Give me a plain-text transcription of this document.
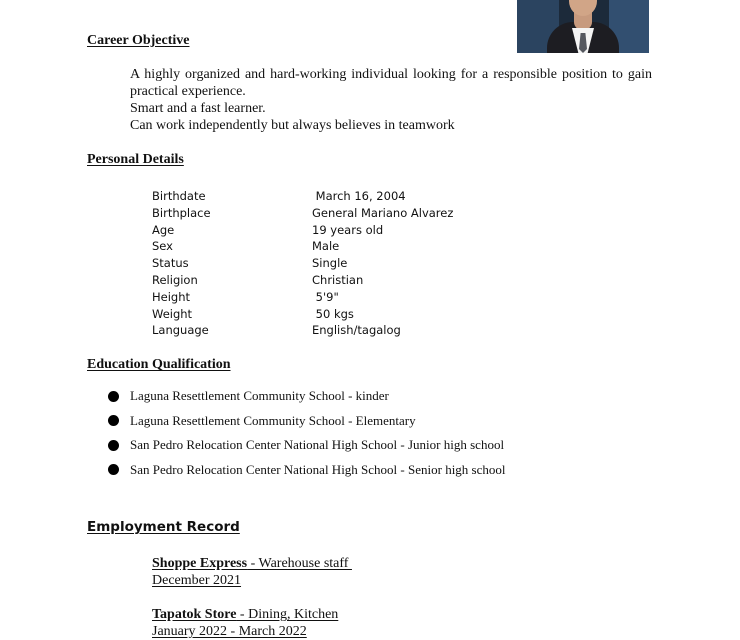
Career Objective

A highly organized and hard-working individual looking for a responsible position to gain practical experience.

Smart and a fast learner.

Can work independently but always believes in teamwork

Personal Details
Birthdate	March 16, 2004
Birthplace	General Mariano Alvarez
Age	19 years old
Sex	Male
Status	Single
Religion	Christian
Height	5'9"
Weight	50 kgs
Language	English/tagalog
Education Qualification
Laguna Resettlement Community School - kinder
Laguna Resettlement Community School - Elementary
San Pedro Relocation Center National High School - Junior high school
San Pedro Relocation Center National High School - Senior high school
Employment Record
Shoppe Express - Warehouse staff
December 2021
Tapatok Store - Dining, Kitchen
January 2022 - March 2022
